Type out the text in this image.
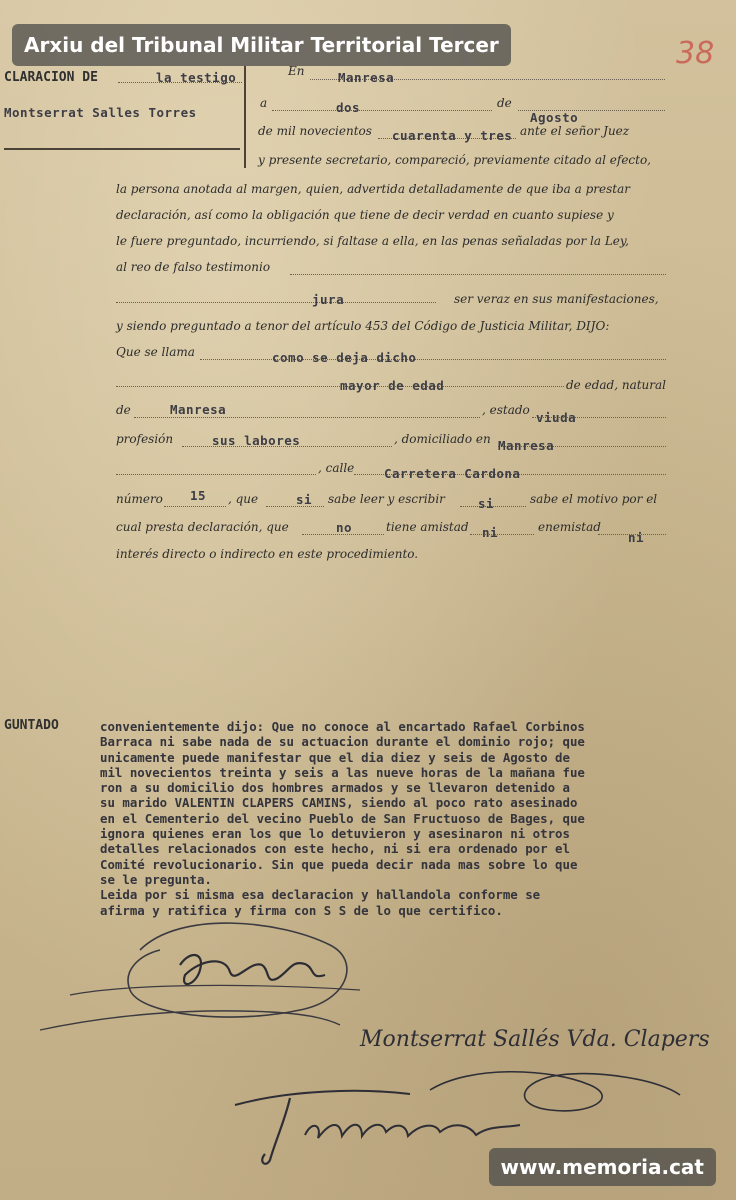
Arxiu del Tribunal Militar Territorial Tercer	38
CLARACION DE	la testigo
Montserrat Salles Torres
En	Manresa
a	dos	de
Agosto
de mil novecientos cuarenta y tres ante el señor Juez
y presente secretario, compareció, previamente citado al efecto,
la persona anotada al margen, quien, advertida detalladamente de que iba a prestar
declaración, así como la obligación que tiene de decir verdad en cuanto supiese y
le fuere preguntado, incurriendo, si faltase a ella, en las penas señaladas por la Ley,
al reo de falso testimonio
jura	ser veraz en sus manifestaciones,
y siendo preguntado a tenor del artículo 453 del Código de Justicia Militar, DIJO:
Que se llama	como se deja dicho
mayor de edad	de edad, natural
de	Manresa	, estado viuda
profesión	sus labores	, domiciliado en Manresa
, calle Carretera Cardona
número 15 , que	si sabe leer y escribir	si	sabe el motivo por el
cual presta declaración, que	no	tiene amistad ni	enemistad
ni
interés directo o indirecto en este procedimiento.
GUNTADO	convenientemente dijo: Que no conoce al encartado Rafael Corbinos

Barraca ni sabe nada de su actuacion durante el dominio rojo; que

unicamente puede manifestar que el dia diez y seis de Agosto de

mil novecientos treinta y seis a las nueve horas de la mañana fue

ron a su domicilio dos hombres armados y se llevaron detenido a

su marido VALENTIN CLAPERS CAMINS, siendo al poco rato asesinado

en el Cementerio del vecino Pueblo de San Fructuoso de Bages, que

ignora quienes eran los que lo detuvieron y asesinaron ni otros

detalles relacionados con este hecho, ni si era ordenado por el

Comité revolucionario. Sin que pueda decir nada mas sobre lo que

se le pregunta.

Leida por si misma esa declaracion y hallandola conforme se

afirma y ratifica y firma con S S de lo que certifico.

Montserrat Sallés Vda. Clapers
www.memoria.cat
